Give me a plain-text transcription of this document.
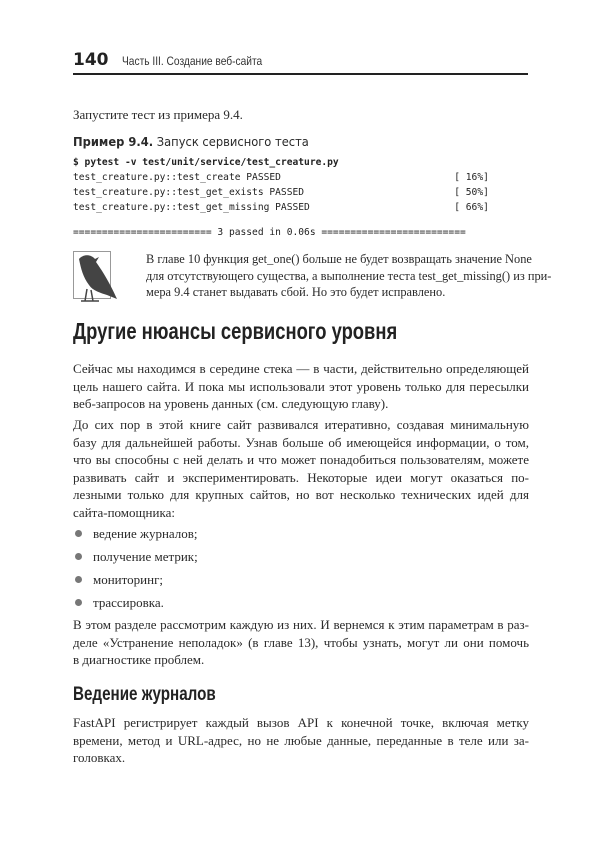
140 Часть III. Создание веб-сайта
Запустите тест из примера 9.4.
Пример 9.4. Запуск сервисного теста
$ pytest -v test/unit/service/test_creature.py
test_creature.py::test_create PASSED                              [ 16%]
test_creature.py::test_get_exists PASSED                          [ 50%]
test_creature.py::test_get_missing PASSED                         [ 66%]
======================== 3 passed in 0.06s =========================
В главе 10 функция get_one() больше не будет возвращать значение None
для отсутствующего существа, а выполнение теста test_get_missing() из при-
мера 9.4 станет выдавать сбой. Но это будет исправлено.
Другие нюансы сервисного уровня
Сейчас мы находимся в середине стека — в части, действительно определяющей
цель нашего сайта. И пока мы использовали этот уровень только для пересылки
веб-запросов на уровень данных (см. следующую главу).
До сих пор в этой книге сайт развивался итеративно, создавая минимальную
базу для дальнейшей работы. Узнав больше об имеющейся информации, о том,
что вы способны с ней делать и что может понадобиться пользователям, можете
развивать сайт и экспериментировать. Некоторые идеи могут оказаться по-
лезными только для крупных сайтов, но вот несколько технических идей для
сайта-помощника:
ведение журналов;
получение метрик;
мониторинг;
трассировка.
В этом разделе рассмотрим каждую из них. И вернемся к этим параметрам в раз-
деле «Устранение неполадок» (в главе 13), чтобы узнать, могут ли они помочь
в диагностике проблем.
Ведение журналов
FastAPI регистрирует каждый вызов API к конечной точке, включая метку
времени, метод и URL-адрес, но не любые данные, переданные в теле или за-
головках.
